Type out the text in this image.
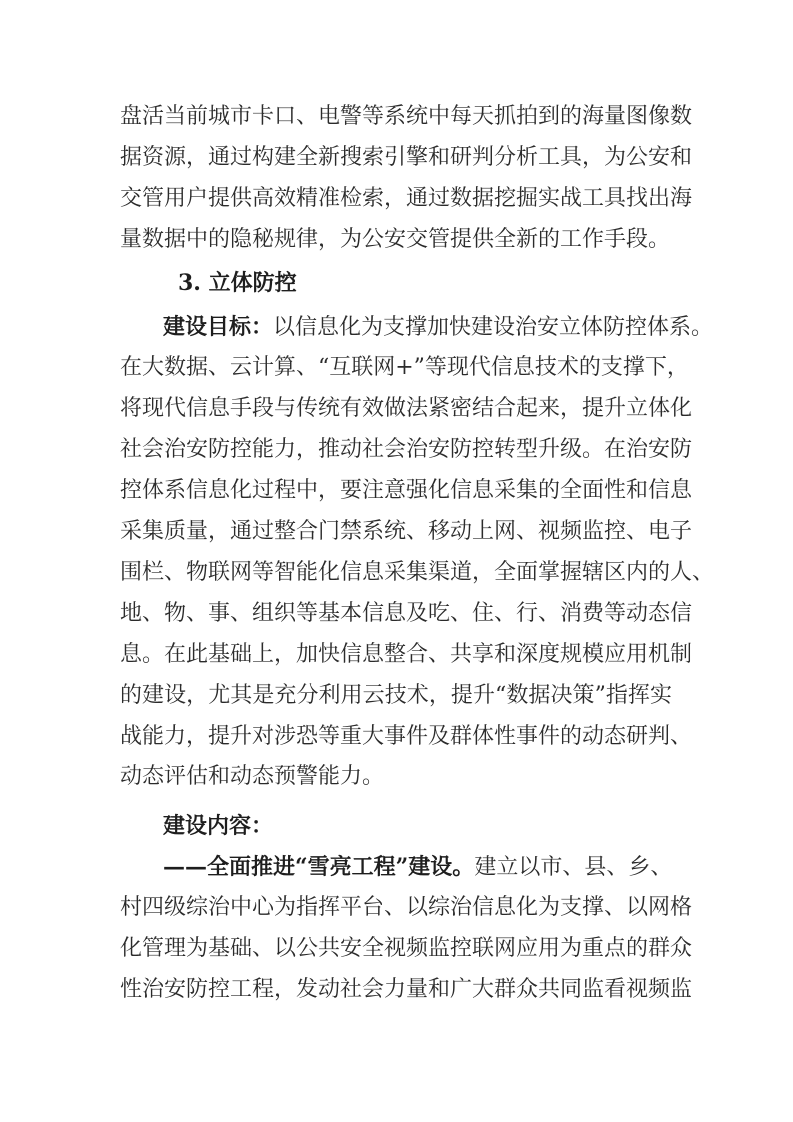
盘活当前城市卡口、电警等系统中每天抓拍到的海量图像数
据资源，通过构建全新搜索引擎和研判分析工具，为公安和
交管用户提供高效精准检索，通过数据挖掘实战工具找出海
量数据中的隐秘规律，为公安交管提供全新的工作手段。
3. 立体防控
建设目标：以信息化为支撑加快建设治安立体防控体系。
在大数据、云计算、“互联网+”等现代信息技术的支撑下，
将现代信息手段与传统有效做法紧密结合起来，提升立体化
社会治安防控能力，推动社会治安防控转型升级。在治安防
控体系信息化过程中，要注意强化信息采集的全面性和信息
采集质量，通过整合门禁系统、移动上网、视频监控、电子
围栏、物联网等智能化信息采集渠道，全面掌握辖区内的人、
地、物、事、组织等基本信息及吃、住、行、消费等动态信
息。在此基础上，加快信息整合、共享和深度规模应用机制
的建设，尤其是充分利用云技术，提升“数据决策”指挥实
战能力，提升对涉恐等重大事件及群体性事件的动态研判、
动态评估和动态预警能力。
建设内容：
——全面推进“雪亮工程”建设。建立以市、县、乡、
村四级综治中心为指挥平台、以综治信息化为支撑、以网格
化管理为基础、以公共安全视频监控联网应用为重点的群众
性治安防控工程，发动社会力量和广大群众共同监看视频监
